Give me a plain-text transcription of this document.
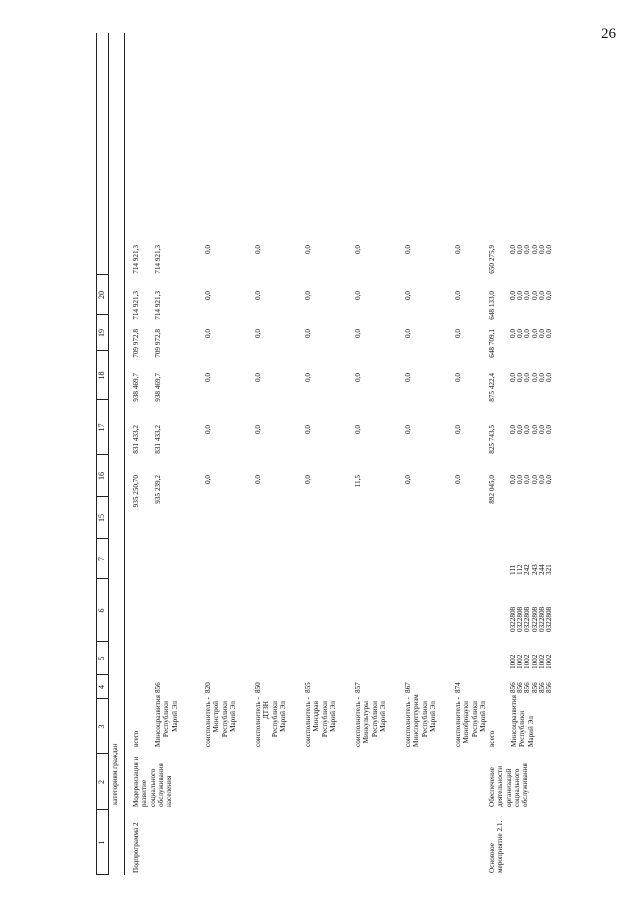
26
1
2
3
4
5
6
7
15
16
17
18
19
20
категориям граждан
Подпрограмма 2
Модернизация и
развитие
социального
обслуживания
населения
всего
935 250,70
831 433,2
938 469,7
709 972,8
714 921,3
714 921,3
Минсоцразвития
Республики
Марий Эл
856
935 239,2
831 433,2
938 469,7
709 972,8
714 921,3
714 921,3
соисполнитель -
Минстрой
Республики
Марий Эл
820
0,0
0,0
0,0
0,0
0,0
0,0
соисполнитель -
ДТЗН
Республики
Марий Эл
850
0,0
0,0
0,0
0,0
0,0
0,0
соисполнитель -
Минздрав
Республики
Марий Эл
855
0,0
0,0
0,0
0,0
0,0
0,0
соисполнитель -
Минкультуры
Республики
Марий Эл
857
11,5
0,0
0,0
0,0
0,0
0,0
соисполнитель -
Минспорттуризм
Республики
Марий Эл
867
0,0
0,0
0,0
0,0
0,0
0,0
соисполнитель -
Минобрнауки
Республики
Марий Эл
874
0,0
0,0
0,0
0,0
0,0
0,0
Основное
мероприятие 2.1.
Обеспечение
деятельности
организаций
социального
обслуживания
всего
892 045,0
825 743,5
875 422,4
648 709,1
648 133,0
650 275,9
Минсоцразвития
Республики
Марий Эл
856
856
856
856
856
856
1002
1002
1002
1002
1002
1002
0322808
0322808
0322808
0322808
0322808
0322808
111
112
242
243
244
321
0,0
0,0
0,0
0,0
0,0
0,0
0,0
0,0
0,0
0,0
0,0
0,0
0,0
0,0
0,0
0,0
0,0
0,0
0,0
0,0
0,0
0,0
0,0
0,0
0,0
0,0
0,0
0,0
0,0
0,0
0,0
0,0
0,0
0,0
0,0
0,0
